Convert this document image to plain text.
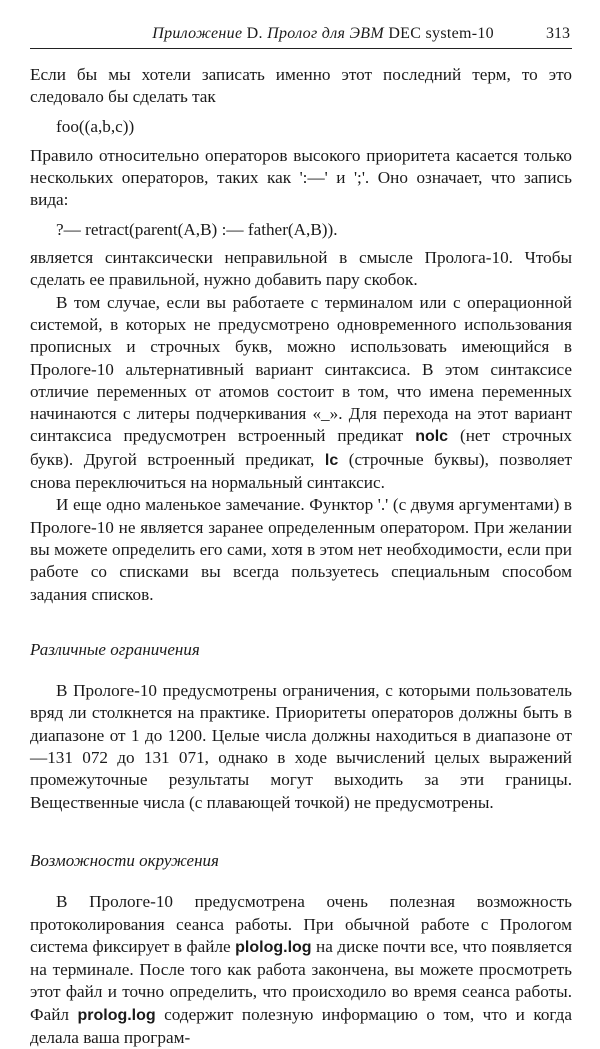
Приложение D. Пролог для ЭВМ DEC system-10	313

Если бы мы хотели записать именно этот последний терм, то это следовало бы сделать так

foo((a,b,c))

Правило относительно операторов высокого приоритета касается только нескольких операторов, таких как ':—' и ';'. Оно означает, что запись вида:

?— retract(parent(A,B) :— father(A,B)).

является синтаксически неправильной в смысле Пролога-10. Чтобы сделать ее правильной, нужно добавить пару скобок.

В том случае, если вы работаете с терминалом или с операционной системой, в которых не предусмотрено одновременного использования прописных и строчных букв, можно использовать имеющийся в Прологе-10 альтернативный вариант синтаксиса. В этом синтаксисе отличие переменных от атомов состоит в том, что имена переменных начинаются с литеры подчеркивания «_». Для перехода на этот вариант синтаксиса предусмотрен встроенный предикат nolc (нет строчных букв). Другой встроенный предикат, lc (строчные буквы), позволяет снова переключиться на нормальный синтаксис.

И еще одно маленькое замечание. Функтор '.' (с двумя аргументами) в Прологе-10 не является заранее определенным оператором. При желании вы можете определить его сами, хотя в этом нет необходимости, если при работе со списками вы всегда пользуетесь специальным способом задания списков.

Различные ограничения

В Прологе-10 предусмотрены ограничения, с которыми пользователь вряд ли столкнется на практике. Приоритеты операторов должны быть в диапазоне от 1 до 1200. Целые числа должны находиться в диапазоне от —131 072 до 131 071, однако в ходе вычислений целых выражений промежуточные результаты могут выходить за эти границы. Вещественные числа (с плавающей точкой) не предусмотрены.

Возможности окружения

В Прологе-10 предусмотрена очень полезная возможность протоколирования сеанса работы. При обычной работе с Прологом система фиксирует в файле plolog.log на диске почти все, что появляется на терминале. После того как работа закончена, вы можете просмотреть этот файл и точно определить, что происходило во время сеанса работы. Файл prolog.log содержит полезную информацию о том, что и когда делала ваша програм-
